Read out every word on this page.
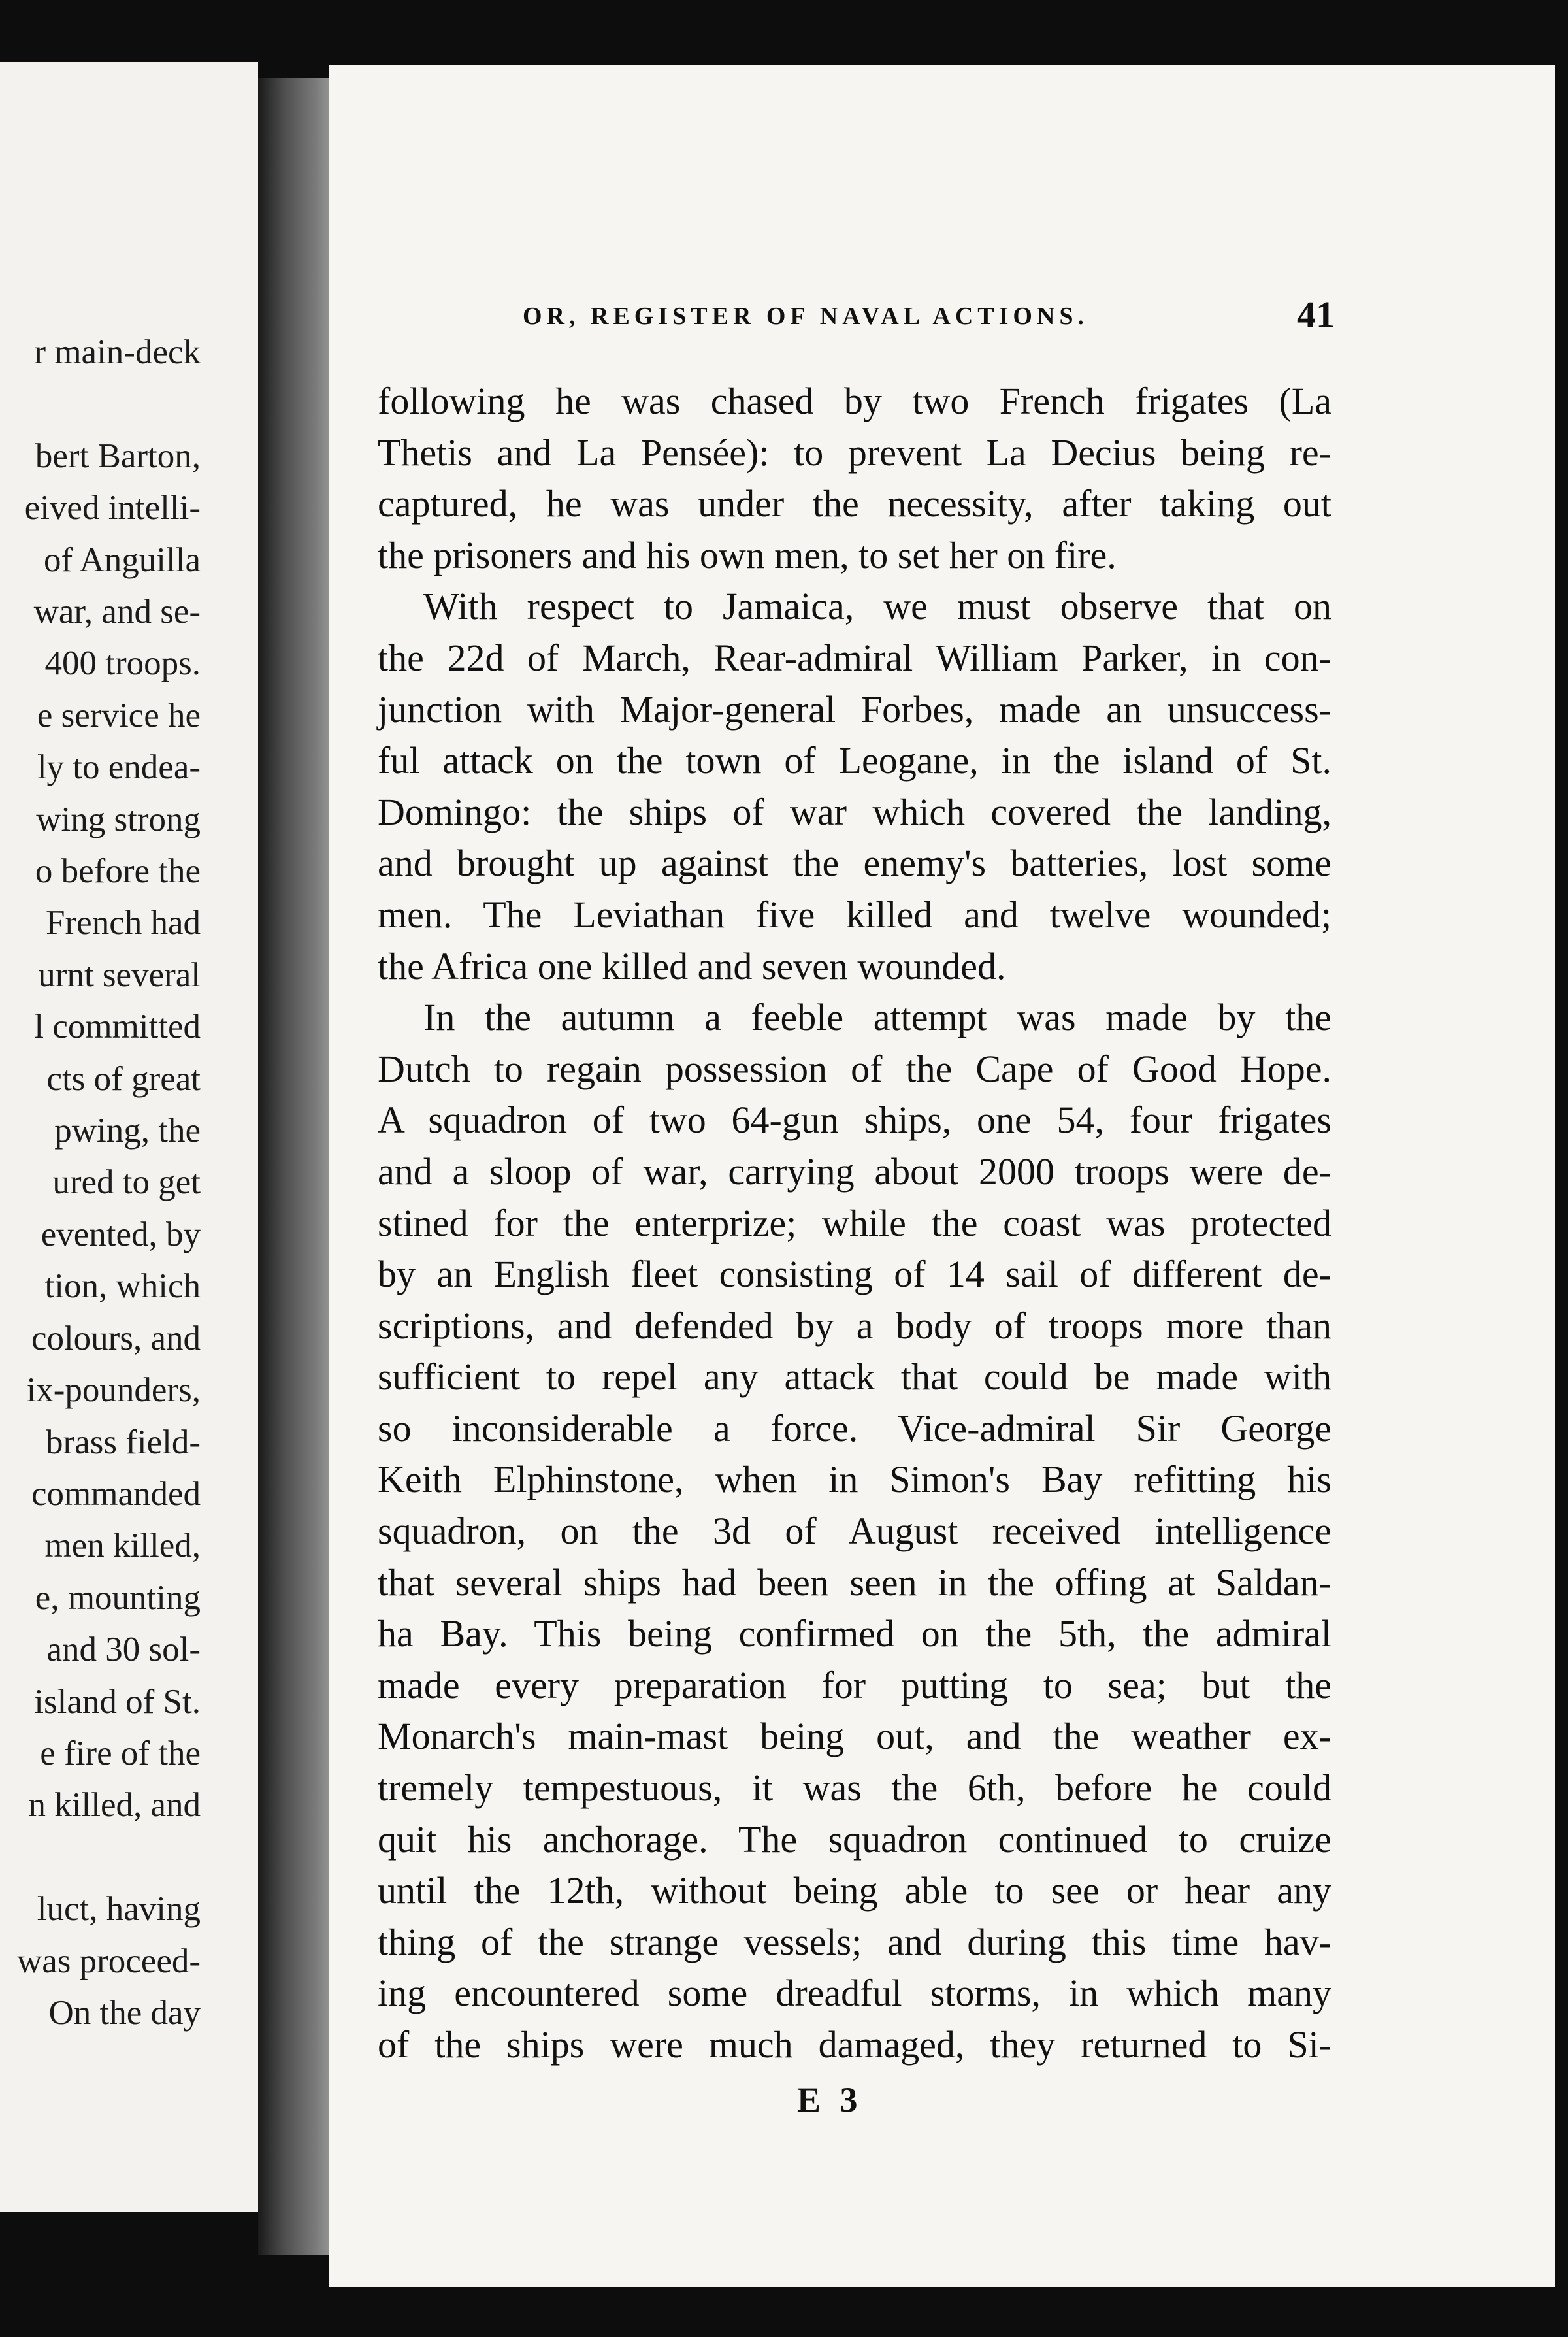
r main-deck
bert Barton,
eived intelli-
of Anguilla
war, and se-
400 troops.
e service he
ly to endea-
wing strong
o before the
French had
urnt several
l committed
cts of great
pwing, the
ured to get
evented, by
tion, which
colours, and
ix-pounders,
brass field-
commanded
men killed,
e, mounting
and 30 sol-
island of St.
e fire of the
n killed, and
luct, having
was proceed-
On the day
OR, REGISTER OF NAVAL ACTIONS.	41
following he was chased by two French frigates (La
Thetis and La Pensée): to prevent La Decius being re-
captured, he was under the necessity, after taking out
the prisoners and his own men, to set her on fire.
With respect to Jamaica, we must observe that on
the 22d of March, Rear-admiral William Parker, in con-
junction with Major-general Forbes, made an unsuccess-
ful attack on the town of Leogane, in the island of St.
Domingo: the ships of war which covered the landing,
and brought up against the enemy's batteries, lost some
men. The Leviathan five killed and twelve wounded;
the Africa one killed and seven wounded.
In the autumn a feeble attempt was made by the
Dutch to regain possession of the Cape of Good Hope.
A squadron of two 64-gun ships, one 54, four frigates
and a sloop of war, carrying about 2000 troops were de-
stined for the enterprize; while the coast was protected
by an English fleet consisting of 14 sail of different de-
scriptions, and defended by a body of troops more than
sufficient to repel any attack that could be made with
so inconsiderable a force. Vice-admiral Sir George
Keith Elphinstone, when in Simon's Bay refitting his
squadron, on the 3d of August received intelligence
that several ships had been seen in the offing at Saldan-
ha Bay. This being confirmed on the 5th, the admiral
made every preparation for putting to sea; but the
Monarch's main-mast being out, and the weather ex-
tremely tempestuous, it was the 6th, before he could
quit his anchorage. The squadron continued to cruize
until the 12th, without being able to see or hear any
thing of the strange vessels; and during this time hav-
ing encountered some dreadful storms, in which many
of the ships were much damaged, they returned to Si-
E 3
